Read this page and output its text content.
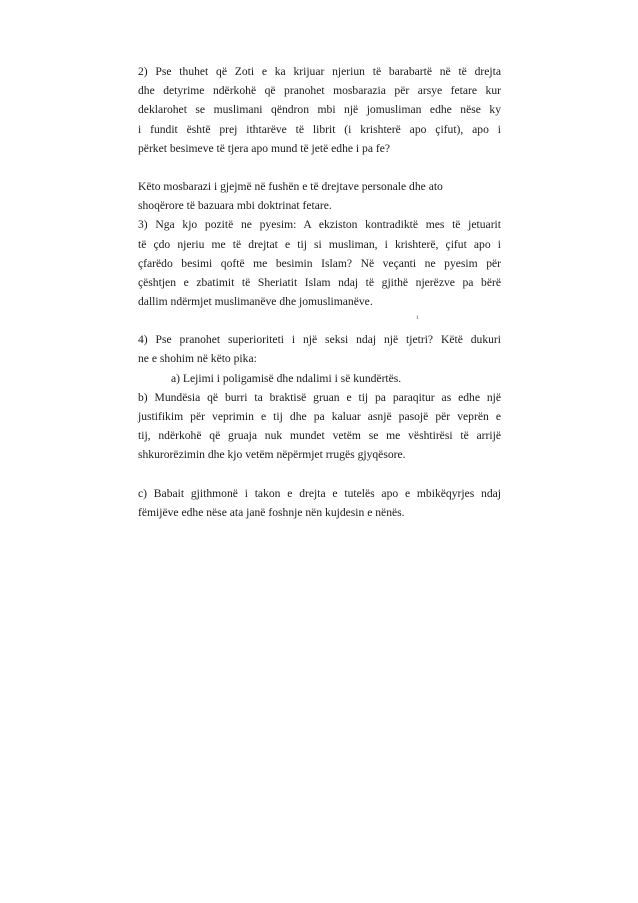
2) Pse thuhet që Zoti e ka krijuar njeriun të barabartë në të drejta
dhe detyrime ndërkohë që pranohet mosbarazia për arsye fetare kur
deklarohet se muslimani qëndron mbi një jomusliman edhe nëse ky
i fundit është prej ithtarëve të librit (i krishterë apo çifut), apo i
përket besimeve të tjera apo mund të jetë edhe i pa fe?
Këto mosbarazi i gjejmë në fushën e të drejtave personale dhe ato
shoqërore të bazuara mbi doktrinat fetare.
3) Nga kjo pozitë ne pyesim: A ekziston kontradiktë mes të jetuarit
të çdo njeriu me të drejtat e tij si musliman, i krishterë, çifut apo i
çfarëdo besimi qoftë me besimin Islam? Në veçanti ne pyesim për
çështjen e zbatimit të Sheriatit Islam ndaj të gjithë njerëzve pa bërë
dallim ndërmjet muslimanëve dhe jomuslimanëve.
4) Pse pranohet superioriteti i një seksi ndaj një tjetri? Këtë dukuri
ne e shohim në këto pika:
a) Lejimi i poligamisë dhe ndalimi i së kundërtës.
1
b) Mundësia që burri ta braktisë gruan e tij pa paraqitur as edhe një
justifikim për veprimin e tij dhe pa kaluar asnjë pasojë për veprën e
tij, ndërkohë që gruaja nuk mundet vetëm se me vështirësi të arrijë
shkurorëzimin dhe kjo vetëm nëpërmjet rrugës gjyqësore.
c) Babait gjithmonë i takon e drejta e tutelës apo e mbikëqyrjes ndaj
fëmijëve edhe nëse ata janë foshnje nën kujdesin e nënës.
